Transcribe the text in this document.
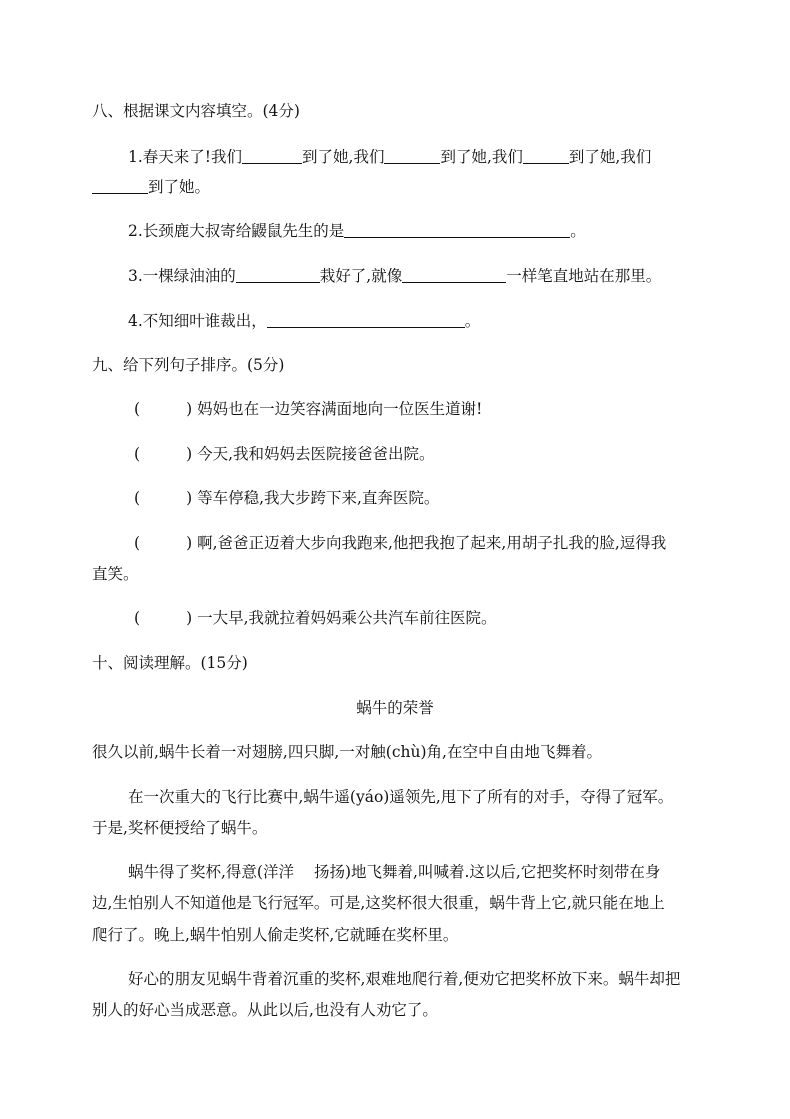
八、根据课文内容填空。(4分)
1.春天来了!我们	到了她,我们	到了她,我们	到了她,我们
到了她。
2.长颈鹿大叔寄给鼹鼠先生的是	。
3.一棵绿油油的	栽好了,就像	一样笔直地站在那里。
4.不知细叶谁裁出，	。
九、给下列句子排序。(5分)
(	) 妈妈也在一边笑容满面地向一位医生道谢!
(	) 今天,我和妈妈去医院接爸爸出院。
(	) 等车停稳,我大步跨下来,直奔医院。
(	) 啊,爸爸正迈着大步向我跑来,他把我抱了起来,用胡子扎我的脸,逗得我
直笑。
(	) 一大早,我就拉着妈妈乘公共汽车前往医院。
十、阅读理解。(15分)
蜗牛的荣誉
很久以前,蜗牛长着一对翅膀,四只脚,一对触(chù)角,在空中自由地飞舞着。
在一次重大的飞行比赛中,蜗牛遥(yáo)遥领先,甩下了所有的对手，夺得了冠军。
于是,奖杯便授给了蜗牛。
蜗牛得了奖杯,得意(洋洋 扬扬)地飞舞着,叫喊着.这以后,它把奖杯时刻带在身
边,生怕别人不知道他是飞行冠军。可是,这奖杯很大很重，蜗牛背上它,就只能在地上
爬行了。晚上,蜗牛怕别人偷走奖杯,它就睡在奖杯里。
好心的朋友见蜗牛背着沉重的奖杯,艰难地爬行着,便劝它把奖杯放下来。蜗牛却把
别人的好心当成恶意。从此以后,也没有人劝它了。
